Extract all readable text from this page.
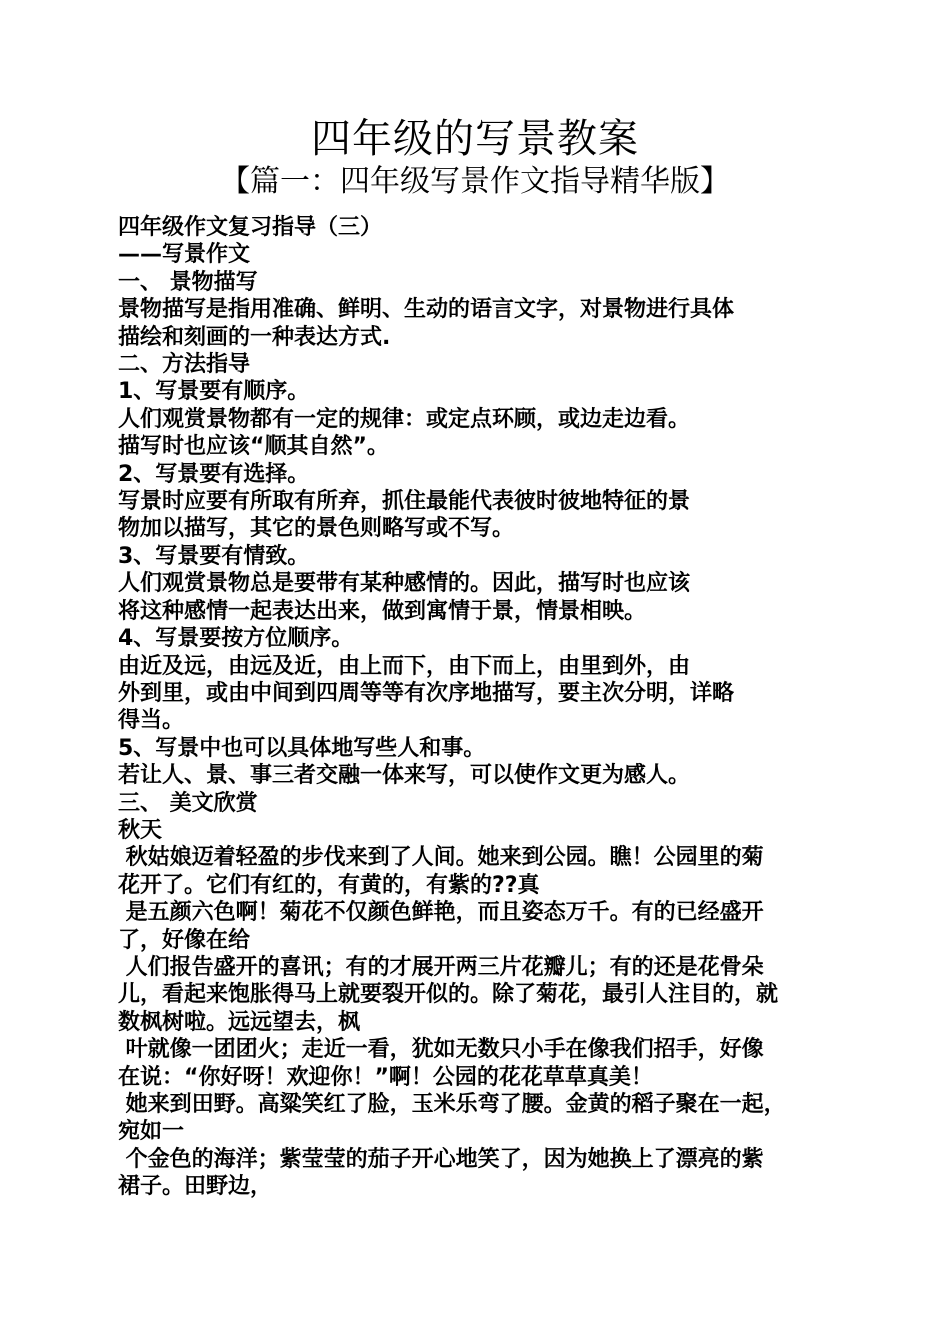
四年级的写景教案
【篇一：四年级写景作文指导精华版】
四年级作文复习指导（三）
——写景作文
一、 景物描写
景物描写是指用准确、鲜明、生动的语言文字，对景物进行具体
描绘和刻画的一种表达方式.
二、方法指导
1、写景要有顺序。
人们观赏景物都有一定的规律：或定点环顾，或边走边看。
描写时也应该“顺其自然”。
2、写景要有选择。
写景时应要有所取有所弃，抓住最能代表彼时彼地特征的景
物加以描写，其它的景色则略写或不写。
3、写景要有情致。
人们观赏景物总是要带有某种感情的。因此，描写时也应该
将这种感情一起表达出来，做到寓情于景，情景相映。
4、写景要按方位顺序。
由近及远，由远及近，由上而下，由下而上，由里到外，由
外到里，或由中间到四周等等有次序地描写，要主次分明，详略
得当。
5、写景中也可以具体地写些人和事。
若让人、景、事三者交融一体来写，可以使作文更为感人。
三、 美文欣赏
秋天
秋姑娘迈着轻盈的步伐来到了人间。她来到公园。瞧！公园里的菊
花开了。它们有红的，有黄的，有紫的??真
是五颜六色啊！菊花不仅颜色鲜艳，而且姿态万千。有的已经盛开
了，好像在给
人们报告盛开的喜讯；有的才展开两三片花瓣儿；有的还是花骨朵
儿，看起来饱胀得马上就要裂开似的。除了菊花，最引人注目的，就
数枫树啦。远远望去，枫
叶就像一团团火；走近一看，犹如无数只小手在像我们招手，好像
在说：“你好呀！欢迎你！”啊！公园的花花草草真美！
她来到田野。高粱笑红了脸，玉米乐弯了腰。金黄的稻子聚在一起，
宛如一
个金色的海洋；紫莹莹的茄子开心地笑了，因为她换上了漂亮的紫
裙子。田野边，
